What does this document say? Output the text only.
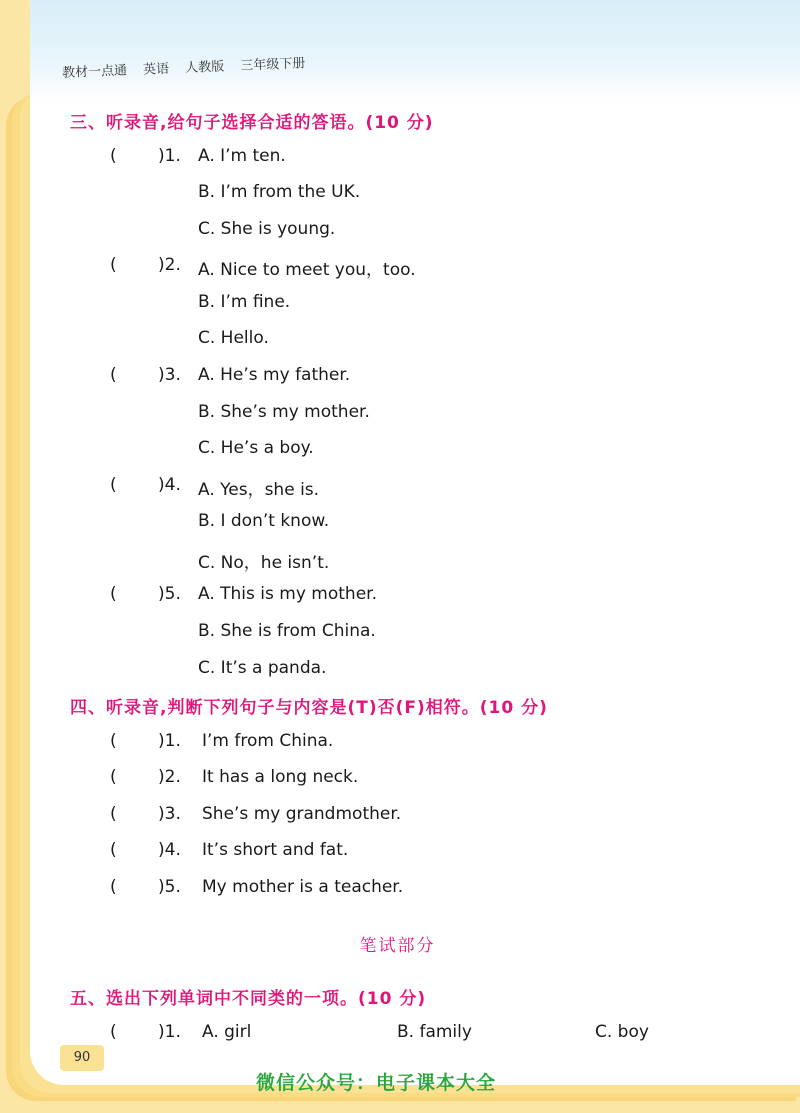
教材一点通 英语 人教版 三年级下册
三、听录音,给句子选择合适的答语。(10 分)
( )1. A. I’m ten.
B. I’m from the UK.
C. She is young.
( )2. A. Nice to meet you，too.
B. I’m fine.
C. Hello.
( )3. A. He’s my father.
B. She’s my mother.
C. He’s a boy.
( )4. A. Yes，she is.
B. I don’t know.
C. No，he isn’t.
( )5. A. This is my mother.
B. She is from China.
C. It’s a panda.
四、听录音,判断下列句子与内容是(T)否(F)相符。(10 分)
( )1. I’m from China.
( )2. It has a long neck.
( )3. She’s my grandmother.
( )4. It’s short and fat.
( )5. My mother is a teacher.
笔试部分
五、选出下列单词中不同类的一项。(10 分)
( )1. A. girl	B. family	C. boy
90
微信公众号：电子课本大全
